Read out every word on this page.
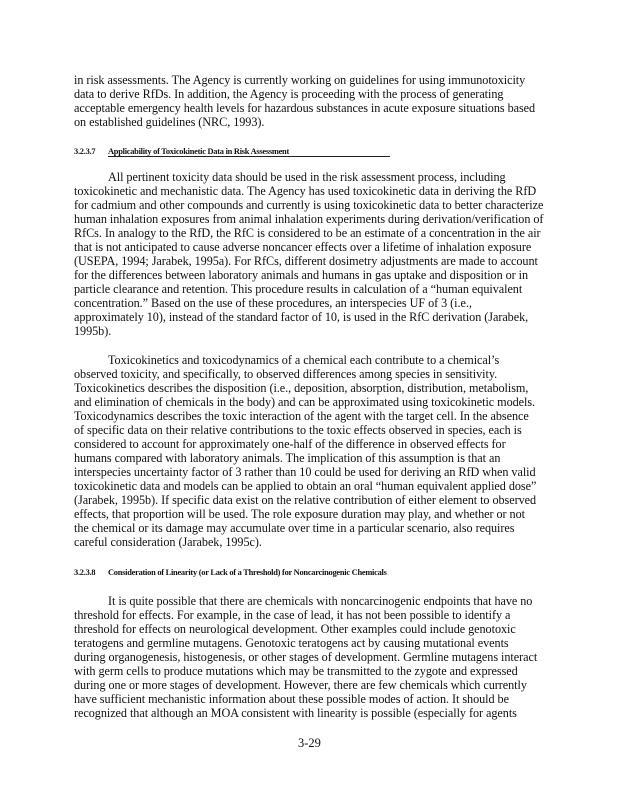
in risk assessments. The Agency is currently working on guidelines for using immunotoxicity
data to derive RfDs. In addition, the Agency is proceeding with the process of generating
acceptable emergency health levels for hazardous substances in acute exposure situations based
on established guidelines (NRC, 1993).
3.2.3.7 Applicability of Toxicokinetic Data in Risk Assessment
All pertinent toxicity data should be used in the risk assessment process, including
toxicokinetic and mechanistic data. The Agency has used toxicokinetic data in deriving the RfD
for cadmium and other compounds and currently is using toxicokinetic data to better characterize
human inhalation exposures from animal inhalation experiments during derivation/verification of
RfCs. In analogy to the RfD, the RfC is considered to be an estimate of a concentration in the air
that is not anticipated to cause adverse noncancer effects over a lifetime of inhalation exposure
(USEPA, 1994; Jarabek, 1995a). For RfCs, different dosimetry adjustments are made to account
for the differences between laboratory animals and humans in gas uptake and disposition or in
particle clearance and retention. This procedure results in calculation of a “human equivalent
concentration.” Based on the use of these procedures, an interspecies UF of 3 (i.e.,
approximately 10), instead of the standard factor of 10, is used in the RfC derivation (Jarabek,
1995b).
Toxicokinetics and toxicodynamics of a chemical each contribute to a chemical’s
observed toxicity, and specifically, to observed differences among species in sensitivity.
Toxicokinetics describes the disposition (i.e., deposition, absorption, distribution, metabolism,
and elimination of chemicals in the body) and can be approximated using toxicokinetic models.
Toxicodynamics describes the toxic interaction of the agent with the target cell. In the absence
of specific data on their relative contributions to the toxic effects observed in species, each is
considered to account for approximately one-half of the difference in observed effects for
humans compared with laboratory animals. The implication of this assumption is that an
interspecies uncertainty factor of 3 rather than 10 could be used for deriving an RfD when valid
toxicokinetic data and models can be applied to obtain an oral “human equivalent applied dose”
(Jarabek, 1995b). If specific data exist on the relative contribution of either element to observed
effects, that proportion will be used. The role exposure duration may play, and whether or not
the chemical or its damage may accumulate over time in a particular scenario, also requires
careful consideration (Jarabek, 1995c).
3.2.3.8 Consideration of Linearity (or Lack of a Threshold) for Noncarcinogenic Chemicals
It is quite possible that there are chemicals with noncarcinogenic endpoints that have no
threshold for effects. For example, in the case of lead, it has not been possible to identify a
threshold for effects on neurological development. Other examples could include genotoxic
teratogens and germline mutagens. Genotoxic teratogens act by causing mutational events
during organogenesis, histogenesis, or other stages of development. Germline mutagens interact
with germ cells to produce mutations which may be transmitted to the zygote and expressed
during one or more stages of development. However, there are few chemicals which currently
have sufficient mechanistic information about these possible modes of action. It should be
recognized that although an MOA consistent with linearity is possible (especially for agents
3-29
